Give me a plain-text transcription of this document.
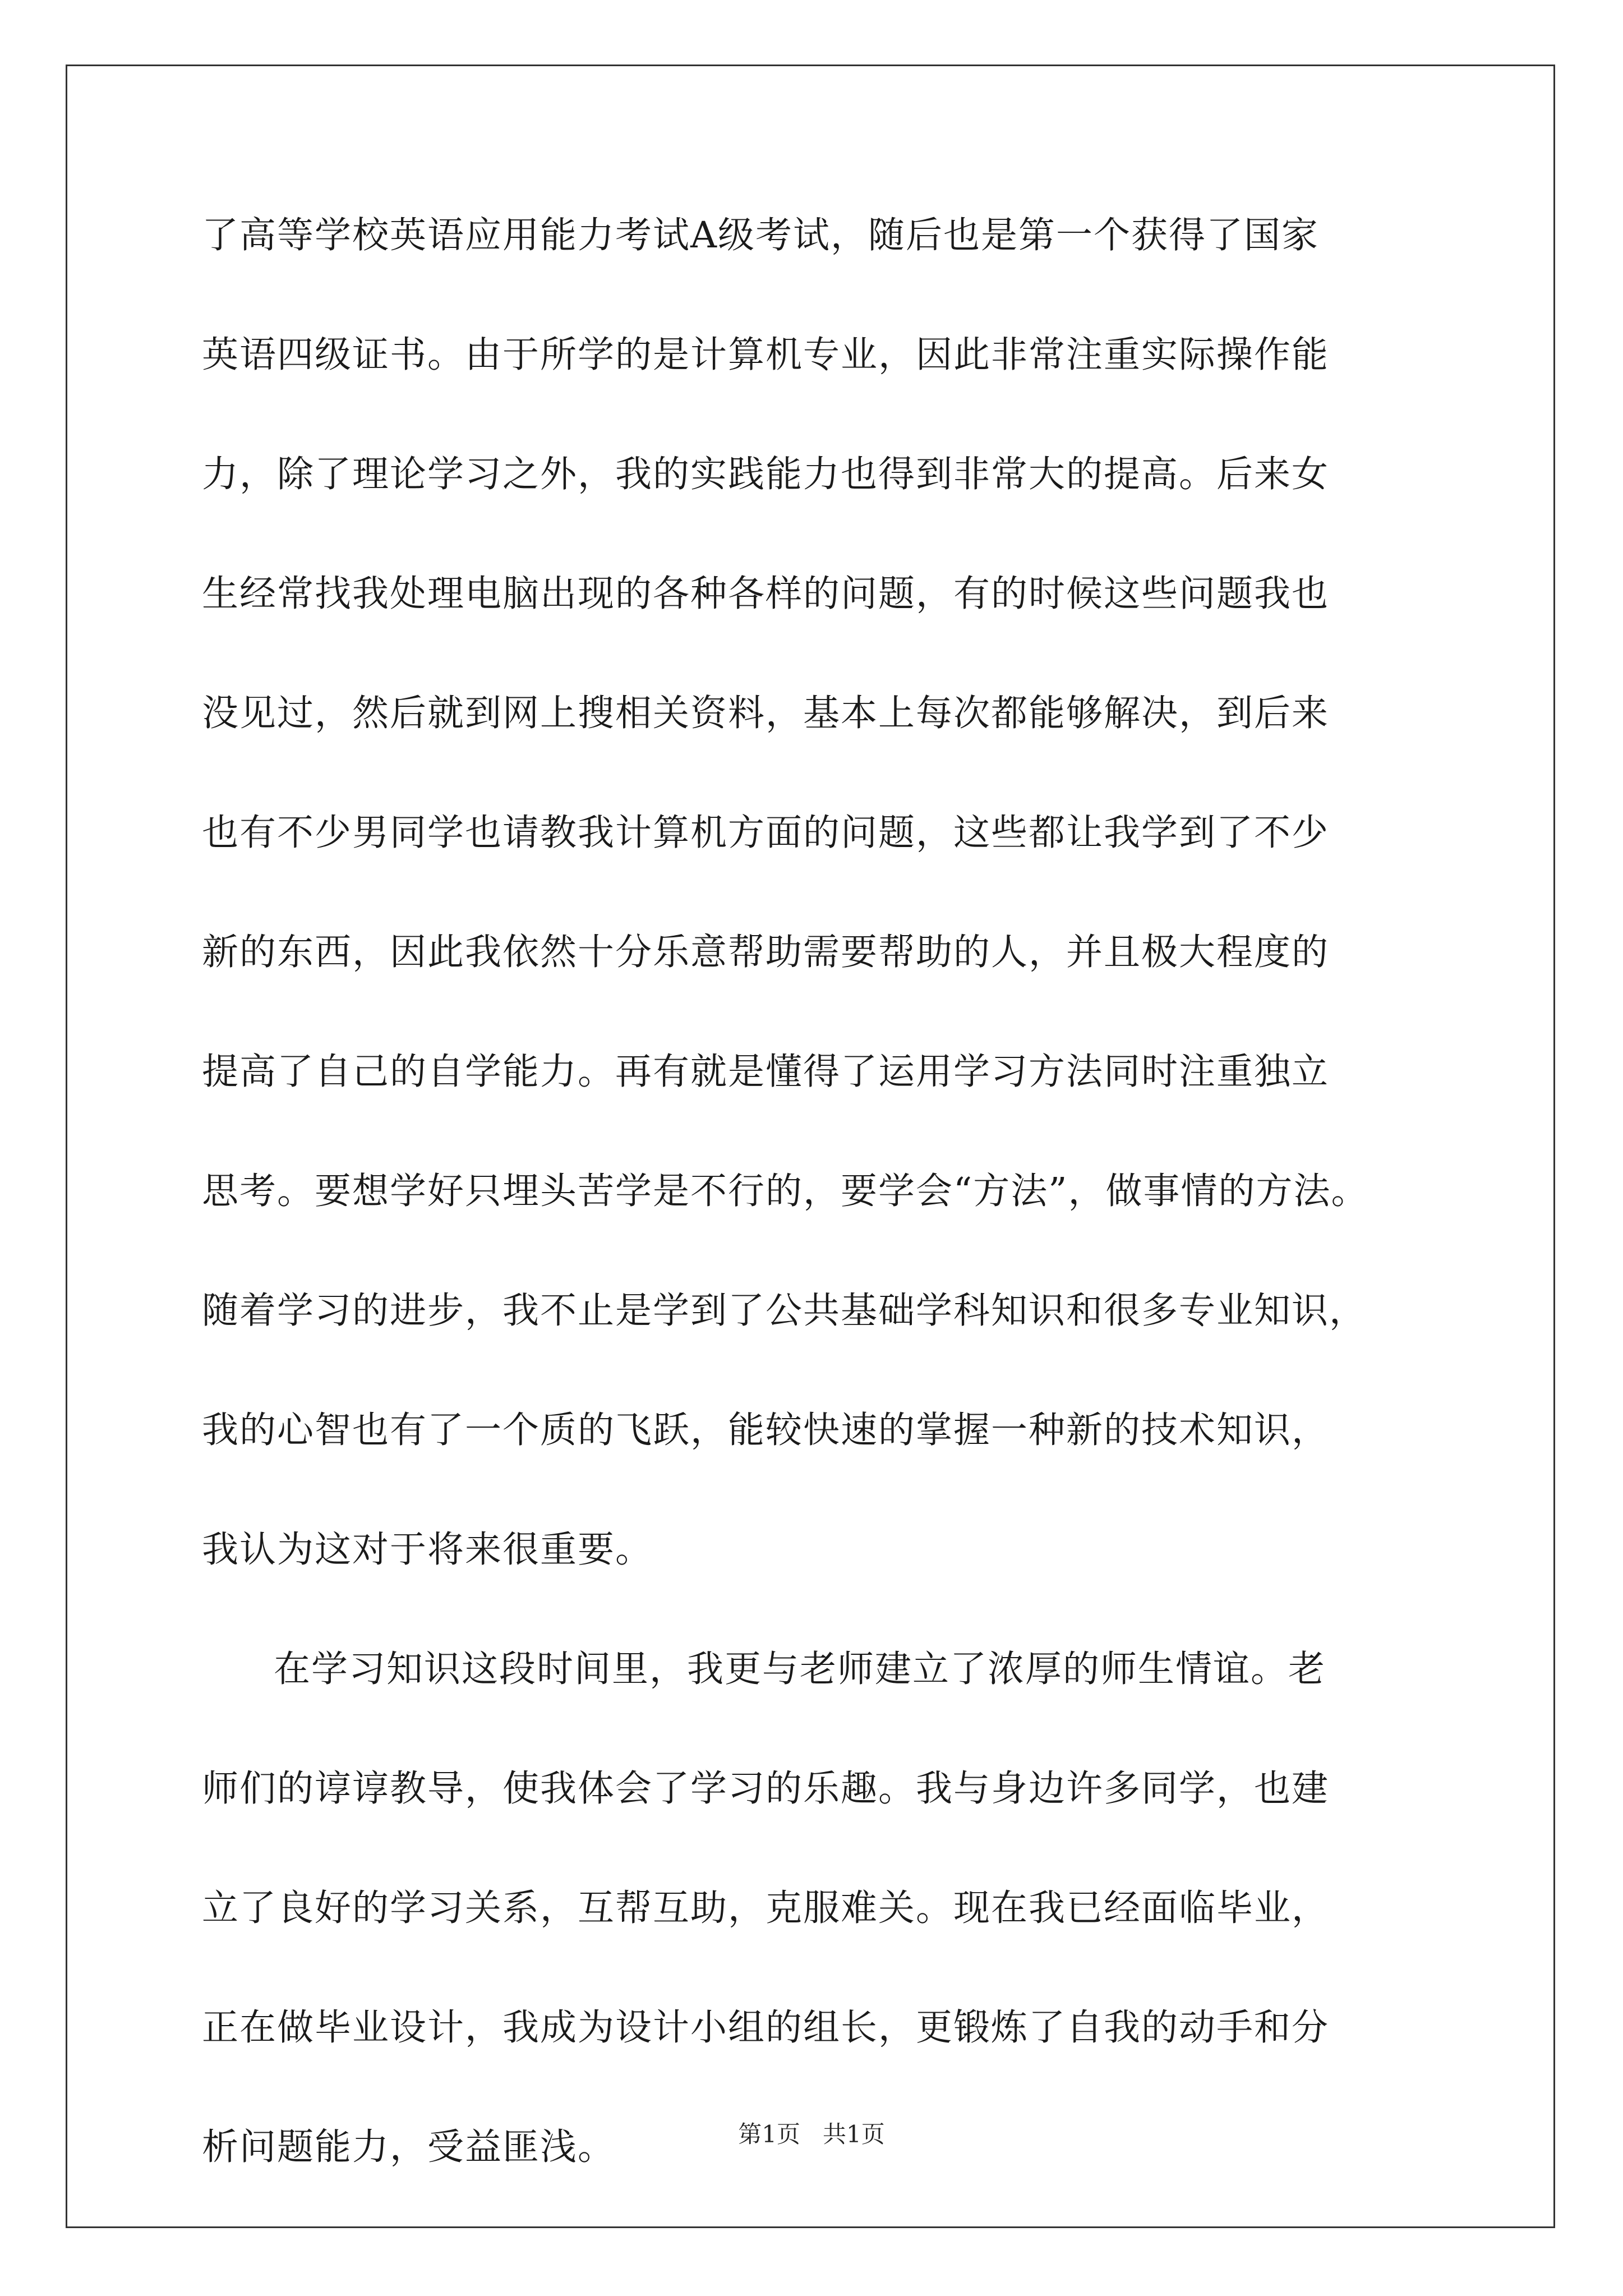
了高等学校英语应用能力考试A级考试，随后也是第一个获得了国家
英语四级证书。由于所学的是计算机专业，因此非常注重实际操作能
力，除了理论学习之外，我的实践能力也得到非常大的提高。后来女
生经常找我处理电脑出现的各种各样的问题，有的时候这些问题我也
没见过，然后就到网上搜相关资料，基本上每次都能够解决，到后来
也有不少男同学也请教我计算机方面的问题，这些都让我学到了不少
新的东西，因此我依然十分乐意帮助需要帮助的人，并且极大程度的
提高了自己的自学能力。再有就是懂得了运用学习方法同时注重独立
思考。要想学好只埋头苦学是不行的，要学会“方法”，做事情的方法。
随着学习的进步，我不止是学到了公共基础学科知识和很多专业知识，
我的心智也有了一个质的飞跃，能较快速的掌握一种新的技术知识，
我认为这对于将来很重要。
在学习知识这段时间里，我更与老师建立了浓厚的师生情谊。老
师们的谆谆教导，使我体会了学习的乐趣。我与身边许多同学，也建
立了良好的学习关系，互帮互助，克服难关。现在我已经面临毕业，
正在做毕业设计，我成为设计小组的组长，更锻炼了自我的动手和分
析问题能力，受益匪浅。	第1页 共1页
